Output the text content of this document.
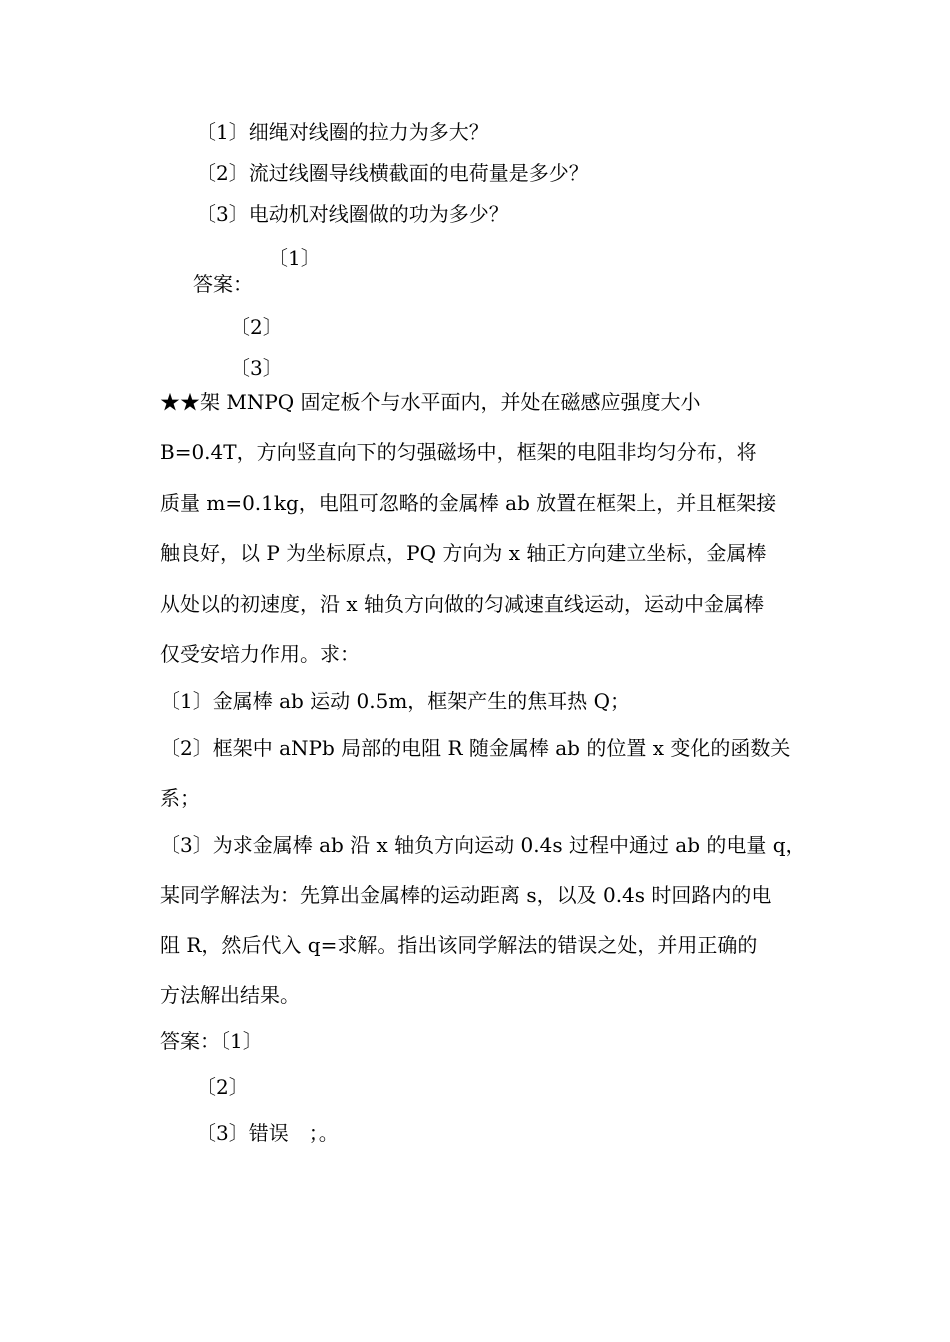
〔1〕细绳对线圈的拉力为多大？
〔2〕流过线圈导线横截面的电荷量是多少？
〔3〕电动机对线圈做的功为多少？
〔1〕
答案：
〔2〕
〔3〕
★★架 MNPQ 固定板个与水平面内，并处在磁感应强度大小
B=0.4T，方向竖直向下的匀强磁场中，框架的电阻非均匀分布，将
质量 m=0.1kg，电阻可忽略的金属棒 ab 放置在框架上，并且框架接
触良好，以 P 为坐标原点，PQ 方向为 x 轴正方向建立坐标，金属棒
从处以的初速度，沿 x 轴负方向做的匀减速直线运动，运动中金属棒
仅受安培力作用。求：
〔1〕金属棒 ab 运动 0.5m，框架产生的焦耳热 Q；
〔2〕框架中 aNPb 局部的电阻 R 随金属棒 ab 的位置 x 变化的函数关
系；
〔3〕为求金属棒 ab 沿 x 轴负方向运动 0.4s 过程中通过 ab 的电量 q，
某同学解法为：先算出金属棒的运动距离 s，以及 0.4s 时回路内的电
阻 R，然后代入 q=求解。指出该同学解法的错误之处，并用正确的
方法解出结果。
答案：〔1〕
〔2〕
〔3〕错误　；。
